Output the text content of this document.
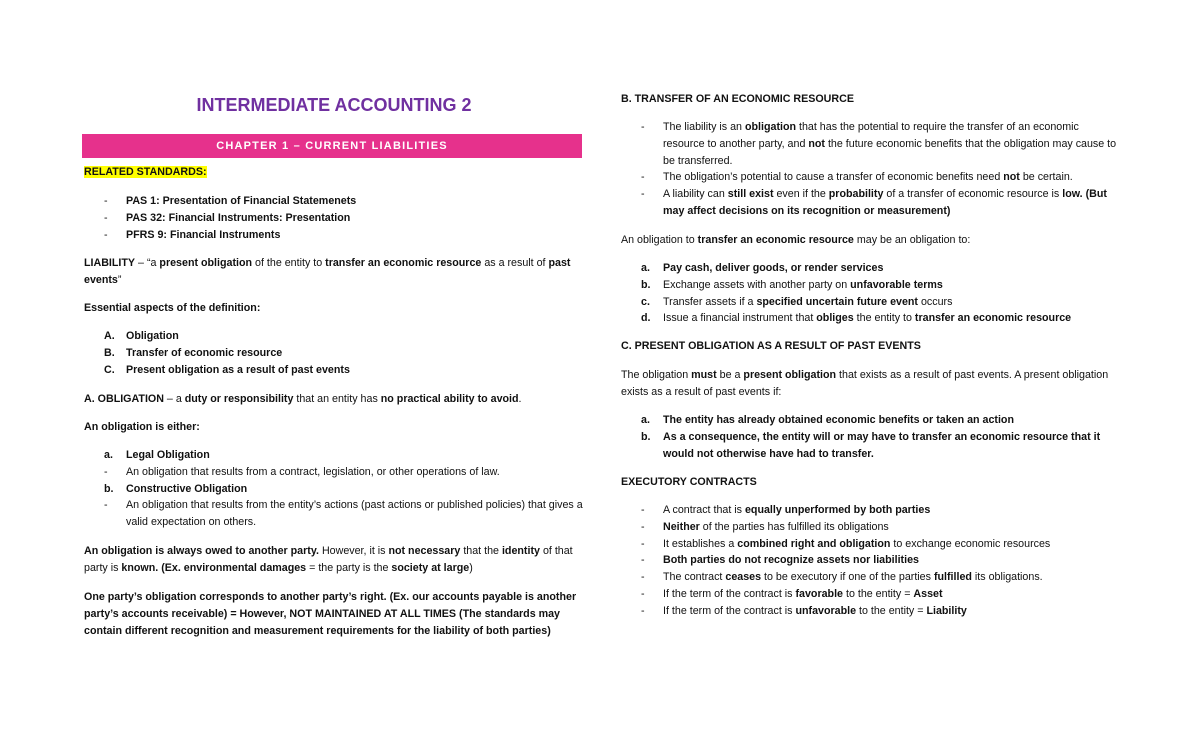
INTERMEDIATE ACCOUNTING 2
CHAPTER 1 – CURRENT LIABILITIES

RELATED STANDARDS:

- PAS 1: Presentation of Financial Statemenets
- PAS 32: Financial Instruments: Presentation
- PFRS 9: Financial Instruments

LIABILITY – “a present obligation of the entity to transfer an economic resource as a result of past events”

Essential aspects of the definition:

A. Obligation
B. Transfer of economic resource
C. Present obligation as a result of past events

A. OBLIGATION – a duty or responsibility that an entity has no practical ability to avoid.

An obligation is either:

a. Legal Obligation
- An obligation that results from a contract, legislation, or other operations of law.
b. Constructive Obligation
- An obligation that results from the entity’s actions (past actions or published policies) that gives a valid expectation on others.

An obligation is always owed to another party. However, it is not necessary that the identity of that party is known. (Ex. environmental damages = the party is the society at large)

One party’s obligation corresponds to another party’s right. (Ex. our accounts payable is another party’s accounts receivable) = However, NOT MAINTAINED AT ALL TIMES (The standards may contain different recognition and measurement requirements for the liability of both parties)

B. TRANSFER OF AN ECONOMIC RESOURCE

- The liability is an obligation that has the potential to require the transfer of an economic resource to another party, and not the future economic benefits that the obligation may cause to be transferred.
- The obligation’s potential to cause a transfer of economic benefits need not be certain.
- A liability can still exist even if the probability of a transfer of economic resource is low. (But may affect decisions on its recognition or measurement)

An obligation to transfer an economic resource may be an obligation to:

a. Pay cash, deliver goods, or render services
b. Exchange assets with another party on unfavorable terms
c. Transfer assets if a specified uncertain future event occurs
d. Issue a financial instrument that obliges the entity to transfer an economic resource

C. PRESENT OBLIGATION AS A RESULT OF PAST EVENTS

The obligation must be a present obligation that exists as a result of past events. A present obligation exists as a result of past events if:

a. The entity has already obtained economic benefits or taken an action
b. As a consequence, the entity will or may have to transfer an economic resource that it would not otherwise have had to transfer.

EXECUTORY CONTRACTS

- A contract that is equally unperformed by both parties
- Neither of the parties has fulfilled its obligations
- It establishes a combined right and obligation to exchange economic resources
- Both parties do not recognize assets nor liabilities
- The contract ceases to be executory if one of the parties fulfilled its obligations.
- If the term of the contract is favorable to the entity = Asset
- If the term of the contract is unfavorable to the entity = Liability
